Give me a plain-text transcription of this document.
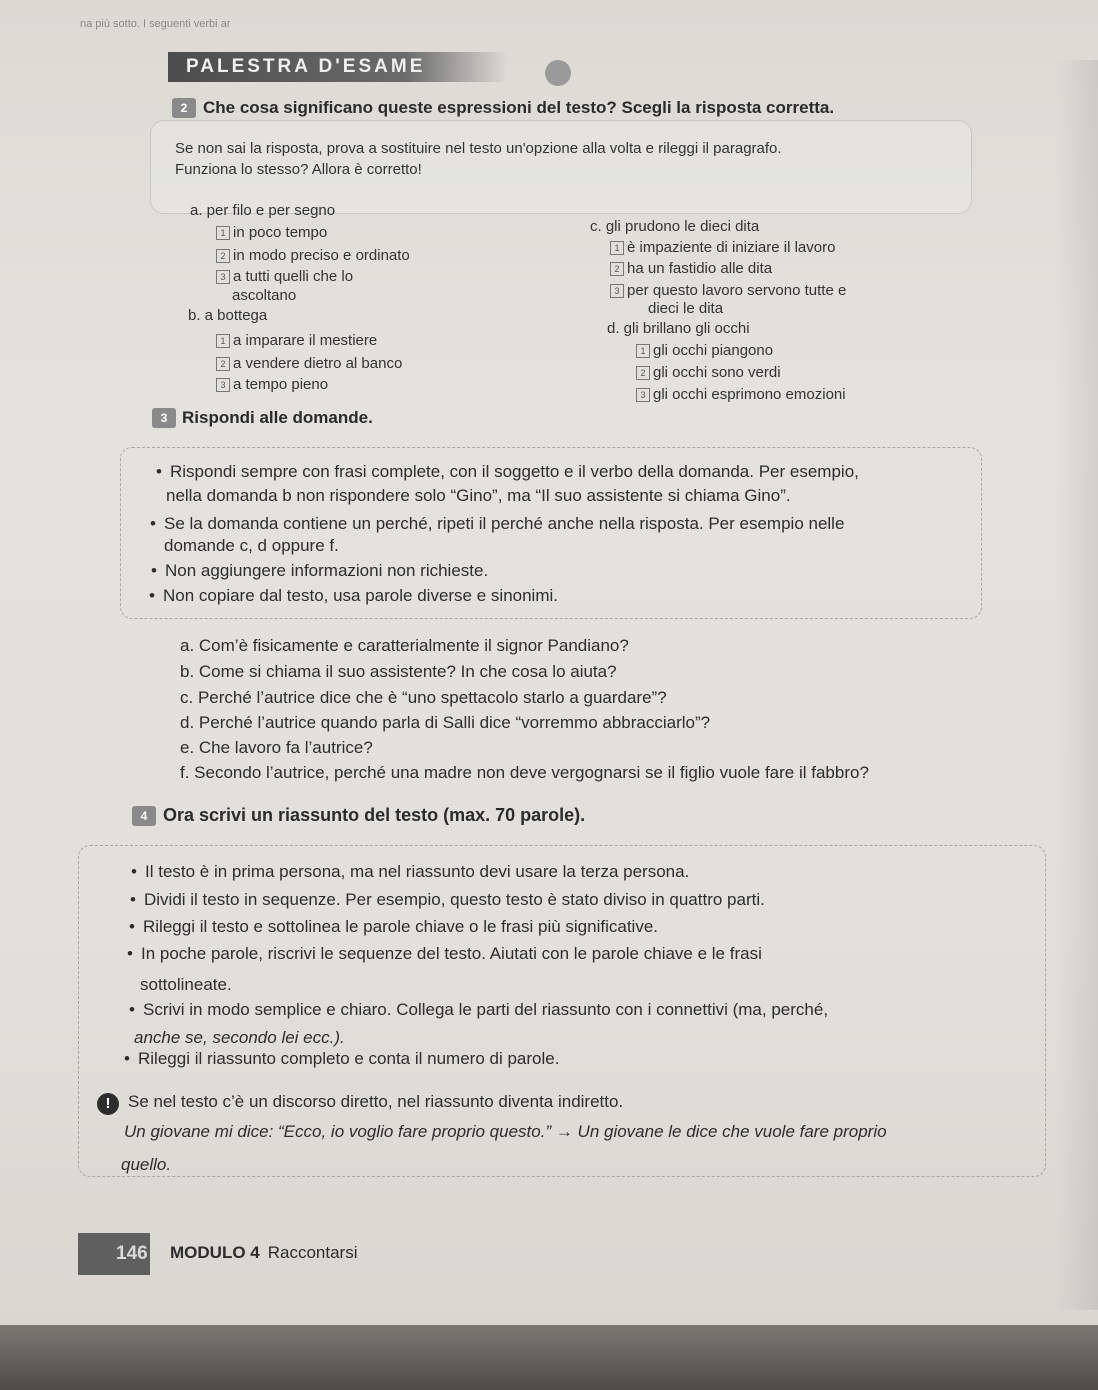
na più sotto. I seguenti verbi ar
PALESTRA D'ESAME
2 Che cosa significano queste espressioni del testo? Scegli la risposta corretta.
Se non sai la risposta, prova a sostituire nel testo un'opzione alla volta e rileggi il paragrafo.
Funziona lo stesso? Allora è corretto!
a. per filo e per segno
1 in poco tempo
2 in modo preciso e ordinato
3 a tutti quelli che lo
ascoltano
b. a bottega
1 a imparare il mestiere
2 a vendere dietro al banco
3 a tempo pieno
c. gli prudono le dieci dita
1 è impaziente di iniziare il lavoro
2 ha un fastidio alle dita
3 per questo lavoro servono tutte e
dieci le dita
d. gli brillano gli occhi
1 gli occhi piangono
2 gli occhi sono verdi
3 gli occhi esprimono emozioni
3 Rispondi alle domande.
• Rispondi sempre con frasi complete, con il soggetto e il verbo della domanda. Per esempio,
nella domanda b non rispondere solo “Gino”, ma “Il suo assistente si chiama Gino”.
• Se la domanda contiene un perché, ripeti il perché anche nella risposta. Per esempio nelle
domande c, d oppure f.
• Non aggiungere informazioni non richieste.
• Non copiare dal testo, usa parole diverse e sinonimi.
a. Com’è fisicamente e caratterialmente il signor Pandiano?
b. Come si chiama il suo assistente? In che cosa lo aiuta?
c. Perché l’autrice dice che è “uno spettacolo starlo a guardare”?
d. Perché l’autrice quando parla di Salli dice “vorremmo abbracciarlo”?
e. Che lavoro fa l’autrice?
f. Secondo l’autrice, perché una madre non deve vergognarsi se il figlio vuole fare il fabbro?
4 Ora scrivi un riassunto del testo (max. 70 parole).
• Il testo è in prima persona, ma nel riassunto devi usare la terza persona.
• Dividi il testo in sequenze. Per esempio, questo testo è stato diviso in quattro parti.
• Rileggi il testo e sottolinea le parole chiave o le frasi più significative.
• In poche parole, riscrivi le sequenze del testo. Aiutati con le parole chiave e le frasi
sottolineate.
• Scrivi in modo semplice e chiaro. Collega le parti del riassunto con i connettivi (ma, perché,
anche se, secondo lei ecc.).
• Rileggi il riassunto completo e conta il numero di parole.
!	Se nel testo c’è un discorso diretto, nel riassunto diventa indiretto.
Un giovane mi dice: “Ecco, io voglio fare proprio questo.” → Un giovane le dice che vuole fare proprio
quello.
146 MODULO 4 Raccontarsi
